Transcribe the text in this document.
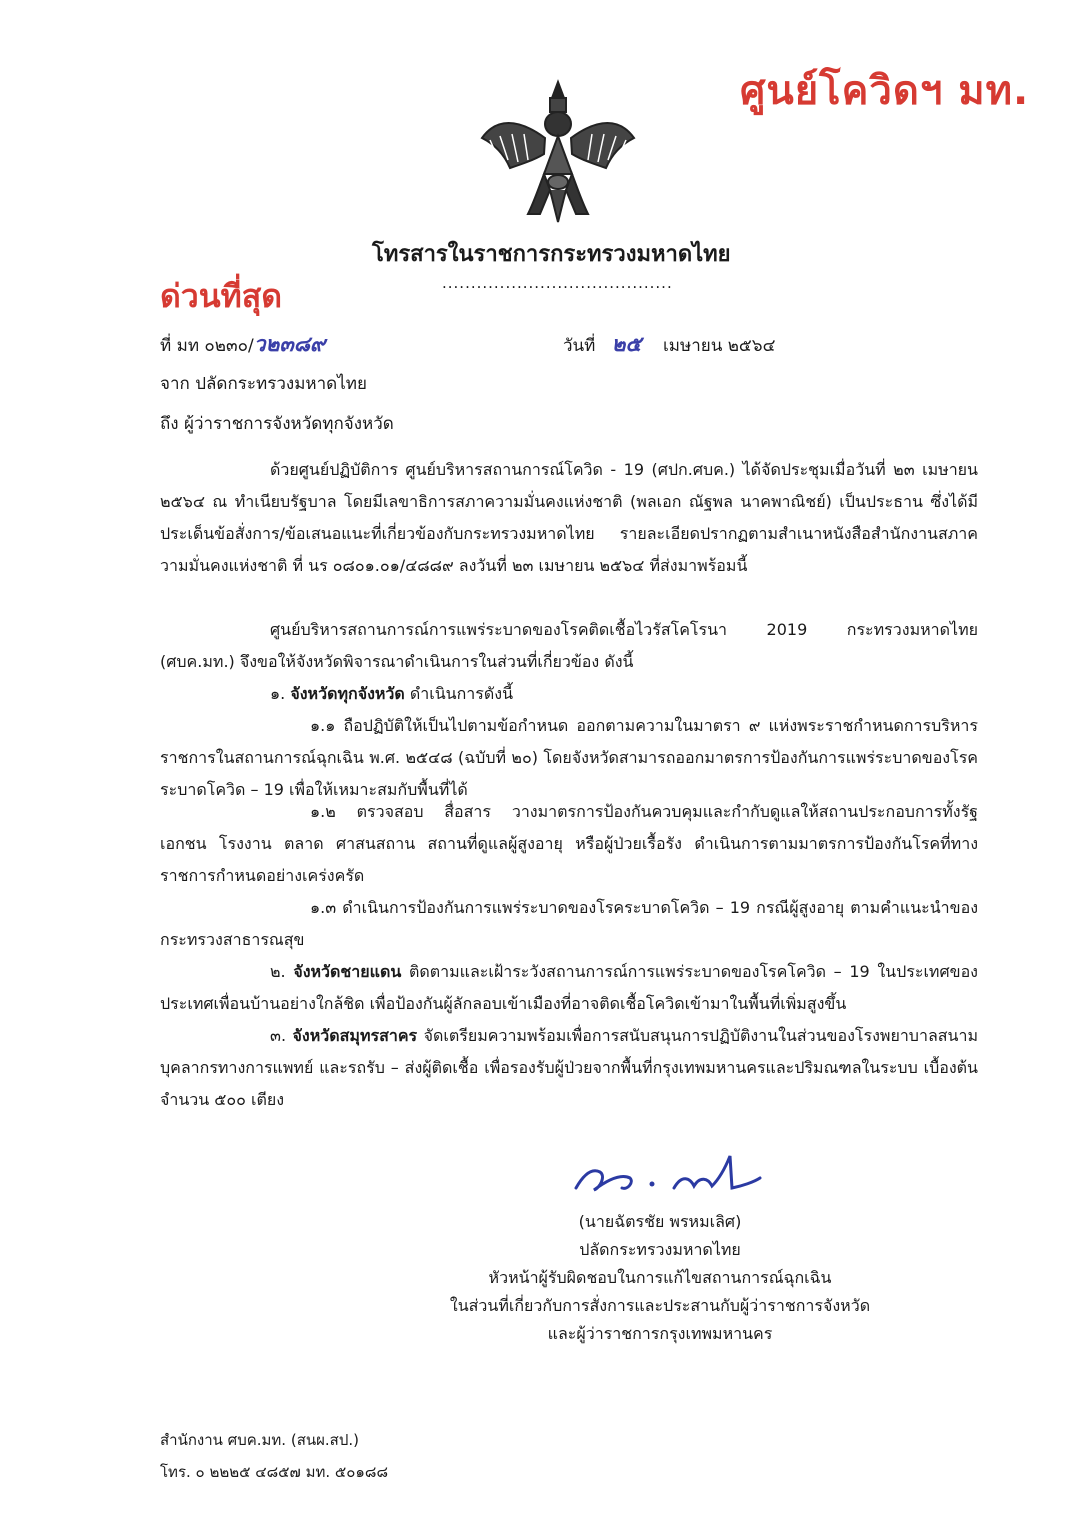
ศูนย์โควิดฯ มท.
โทรสารในราชการกระทรวงมหาดไทย
........................................
ด่วนที่สุด
ที่ มท ๐๒๓๐/ว๒๓๘๙	วันที่ ๒๕ เมษายน ๒๕๖๔
จาก ปลัดกระทรวงมหาดไทย
ถึง ผู้ว่าราชการจังหวัดทุกจังหวัด
ด้วยศูนย์ปฏิบัติการ ศูนย์บริหารสถานการณ์โควิด - 19 (ศปก.ศบค.) ได้จัดประชุมเมื่อวันที่ ๒๓ เมษายน ๒๕๖๔ ณ ทำเนียบรัฐบาล โดยมีเลขาธิการสภาความมั่นคงแห่งชาติ (พลเอก ณัฐพล นาคพาณิชย์) เป็นประธาน ซึ่งได้มีประเด็นข้อสั่งการ/ข้อเสนอแนะที่เกี่ยวข้องกับกระทรวงมหาดไทย รายละเอียดปรากฏตามสำเนาหนังสือสำนักงานสภาความมั่นคงแห่งชาติ ที่ นร ๐๘๐๑.๐๑/๔๘๘๙ ลงวันที่ ๒๓ เมษายน ๒๕๖๔ ที่ส่งมาพร้อมนี้
ศูนย์บริหารสถานการณ์การแพร่ระบาดของโรคติดเชื้อไวรัสโคโรนา 2019 กระทรวงมหาดไทย (ศบค.มท.) จึงขอให้จังหวัดพิจารณาดำเนินการในส่วนที่เกี่ยวข้อง ดังนี้
๑. จังหวัดทุกจังหวัด ดำเนินการดังนี้
๑.๑ ถือปฏิบัติให้เป็นไปตามข้อกำหนด ออกตามความในมาตรา ๙ แห่งพระราชกำหนดการบริหารราชการในสถานการณ์ฉุกเฉิน พ.ศ. ๒๕๔๘ (ฉบับที่ ๒๐) โดยจังหวัดสามารถออกมาตรการป้องกันการแพร่ระบาดของโรคระบาดโควิด – 19 เพื่อให้เหมาะสมกับพื้นที่ได้
๑.๒ ตรวจสอบ สื่อสาร วางมาตรการป้องกันควบคุมและกำกับดูแลให้สถานประกอบการทั้งรัฐ เอกชน โรงงาน ตลาด ศาสนสถาน สถานที่ดูแลผู้สูงอายุ หรือผู้ป่วยเรื้อรัง ดำเนินการตามมาตรการป้องกันโรคที่ทางราชการกำหนดอย่างเคร่งครัด
๑.๓ ดำเนินการป้องกันการแพร่ระบาดของโรคระบาดโควิด – 19 กรณีผู้สูงอายุ ตามคำแนะนำของกระทรวงสาธารณสุข
๒. จังหวัดชายแดน ติดตามและเฝ้าระวังสถานการณ์การแพร่ระบาดของโรคโควิด – 19 ในประเทศของประเทศเพื่อนบ้านอย่างใกล้ชิด เพื่อป้องกันผู้ลักลอบเข้าเมืองที่อาจติดเชื้อโควิดเข้ามาในพื้นที่เพิ่มสูงขึ้น
๓. จังหวัดสมุทรสาคร จัดเตรียมความพร้อมเพื่อการสนับสนุนการปฏิบัติงานในส่วนของโรงพยาบาลสนาม บุคลากรทางการแพทย์ และรถรับ – ส่งผู้ติดเชื้อ เพื่อรองรับผู้ป่วยจากพื้นที่กรุงเทพมหานครและปริมณฑลในระบบ เบื้องต้นจำนวน ๕๐๐ เตียง
(นายฉัตรชัย พรหมเลิศ)
ปลัดกระทรวงมหาดไทย
หัวหน้าผู้รับผิดชอบในการแก้ไขสถานการณ์ฉุกเฉิน
ในส่วนที่เกี่ยวกับการสั่งการและประสานกับผู้ว่าราชการจังหวัด
และผู้ว่าราชการกรุงเทพมหานคร
สำนักงาน ศบค.มท. (สนผ.สป.)
โทร. ๐ ๒๒๒๕ ๔๘๕๗ มท. ๕๐๑๘๘
